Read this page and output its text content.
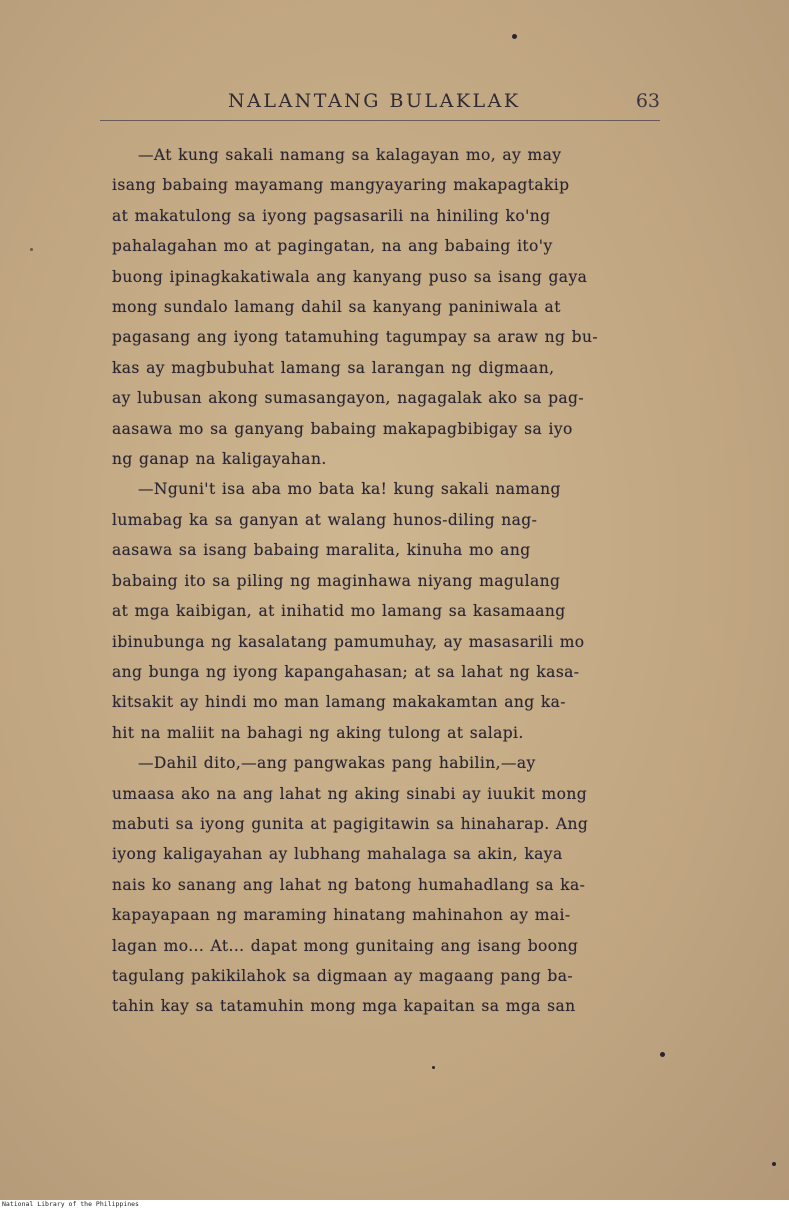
NALANTANG BULAKLAK	63

—At kung sakali namang sa kalagayan mo, ay may
isang babaing mayamang mangyayaring makapagtakip
at makatulong sa iyong pagsasarili na hiniling ko'ng
pahalagahan mo at pagingatan, na ang babaing ito'y
buong ipinagkakatiwala ang kanyang puso sa isang gaya
mong sundalo lamang dahil sa kanyang paniniwala at
pagasang ang iyong tatamuhing tagumpay sa araw ng bu-
kas ay magbubuhat lamang sa larangan ng digmaan,
ay lubusan akong sumasangayon, nagagalak ako sa pag-
aasawa mo sa ganyang babaing makapagbibigay sa iyo
ng ganap na kaligayahan.

—Nguni't isa aba mo bata ka! kung sakali namang
lumabag ka sa ganyan at walang hunos-diling nag-
aasawa sa isang babaing maralita, kinuha mo ang
babaing ito sa piling ng maginhawa niyang magulang
at mga kaibigan, at inihatid mo lamang sa kasamaang
ibinubunga ng kasalatang pamumuhay, ay masasarili mo
ang bunga ng iyong kapangahasan; at sa lahat ng kasa-
kitsakit ay hindi mo man lamang makakamtan ang ka-
hit na maliit na bahagi ng aking tulong at salapi.

—Dahil dito,—ang pangwakas pang habilin,—ay
umaasa ako na ang lahat ng aking sinabi ay iuukit mong
mabuti sa iyong gunita at pagigitawin sa hinaharap. Ang
iyong kaligayahan ay lubhang mahalaga sa akin, kaya
nais ko sanang ang lahat ng batong humahadlang sa ka-
kapayapaan ng maraming hinatang mahinahon ay mai-
lagan mo... At... dapat mong gunitaing ang isang boong
tagulang pakikilahok sa digmaan ay magaang pang ba-
tahin kay sa tatamuhin mong mga kapaitan sa mga san

National Library of the Philippines
